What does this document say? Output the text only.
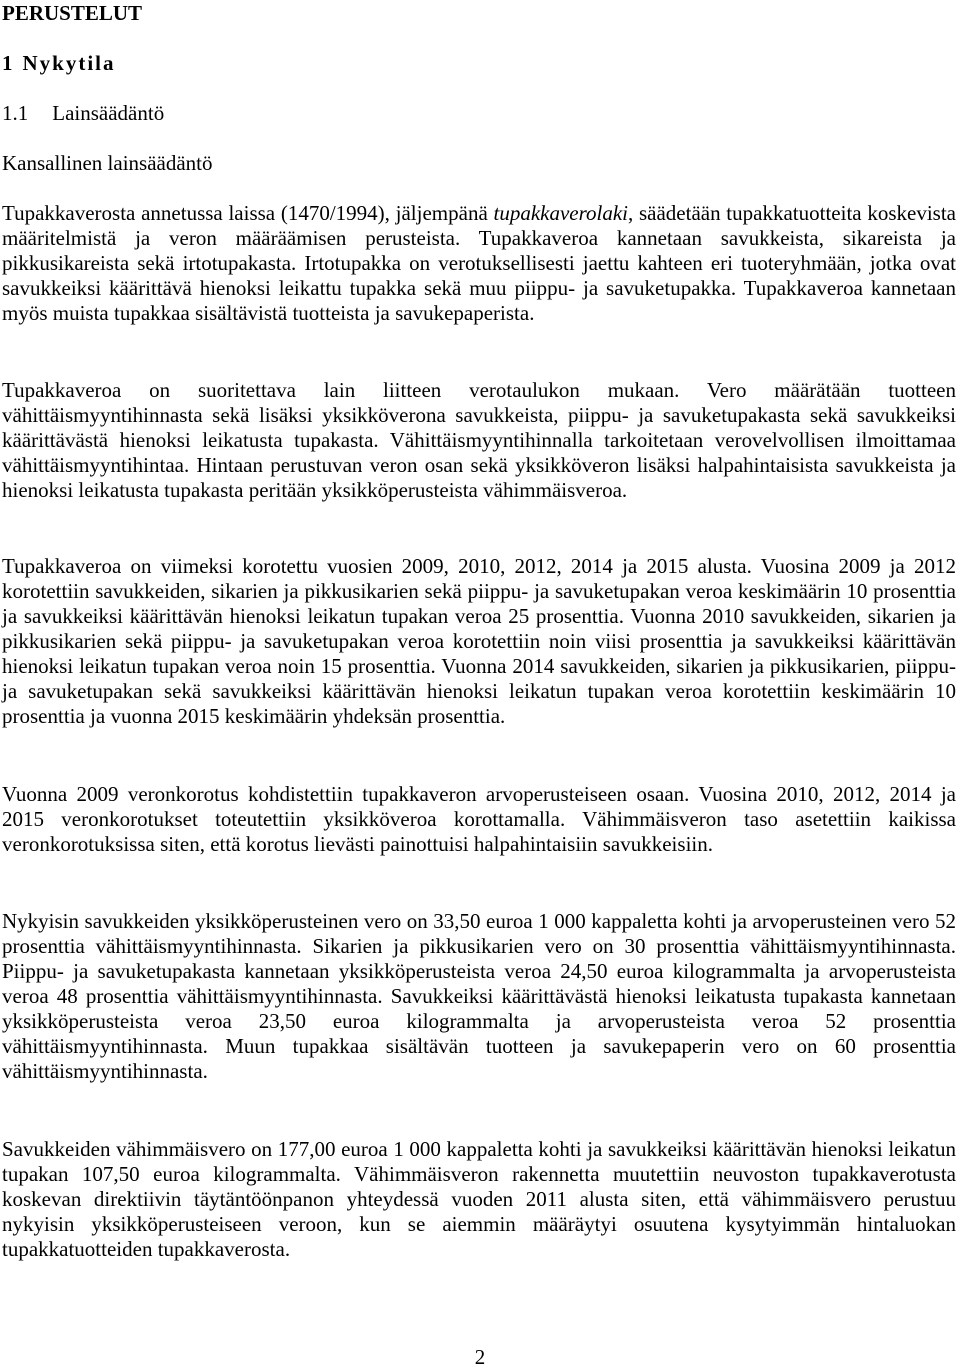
PERUSTELUT
1 Nykytila
1.1 Lainsäädäntö
Kansallinen lainsäädäntö
Tupakkaverosta annetussa laissa (1470/1994), jäljempänä tupakkaverolaki, säädetään tupakkatuotteita koskevista määritelmistä ja veron määräämisen perusteista. Tupakkaveroa kannetaan savukkeista, sikareista ja pikkusikareista sekä irtotupakasta. Irtotupakka on verotuksellisesti jaettu kahteen eri tuoteryhmään, jotka ovat savukkeiksi käärittävä hienoksi leikattu tupakka sekä muu piippu- ja savuketupakka. Tupakkaveroa kannetaan myös muista tupakkaa sisältävistä tuotteista ja savukepaperista.
Tupakkaveroa on suoritettava lain liitteen verotaulukon mukaan. Vero määrätään tuotteen vähittäismyyntihinnasta sekä lisäksi yksikköverona savukkeista, piippu- ja savuketupakasta sekä savukkeiksi käärittävästä hienoksi leikatusta tupakasta. Vähittäismyyntihinnalla tarkoitetaan verovelvollisen ilmoittamaa vähittäismyyntihintaa. Hintaan perustuvan veron osan sekä yksikköveron lisäksi halpahintaisista savukkeista ja hienoksi leikatusta tupakasta peritään yksikköperusteista vähimmäisveroa.
Tupakkaveroa on viimeksi korotettu vuosien 2009, 2010, 2012, 2014 ja 2015 alusta. Vuosina 2009 ja 2012 korotettiin savukkeiden, sikarien ja pikkusikarien sekä piippu- ja savuketupakan veroa keskimäärin 10 prosenttia ja savukkeiksi käärittävän hienoksi leikatun tupakan veroa 25 prosenttia. Vuonna 2010 savukkeiden, sikarien ja pikkusikarien sekä piippu- ja savuketupakan veroa korotettiin noin viisi prosenttia ja savukkeiksi käärittävän hienoksi leikatun tupakan veroa noin 15 prosenttia. Vuonna 2014 savukkeiden, sikarien ja pikkusikarien, piippu- ja savuketupakan sekä savukkeiksi käärittävän hienoksi leikatun tupakan veroa korotettiin keskimäärin 10 prosenttia ja vuonna 2015 keskimäärin yhdeksän prosenttia.
Vuonna 2009 veronkorotus kohdistettiin tupakkaveron arvoperusteiseen osaan. Vuosina 2010, 2012, 2014 ja 2015 veronkorotukset toteutettiin yksikköveroa korottamalla. Vähimmäisveron taso asetettiin kaikissa veronkorotuksissa siten, että korotus lievästi painottuisi halpahintaisiin savukkeisiin.
Nykyisin savukkeiden yksikköperusteinen vero on 33,50 euroa 1 000 kappaletta kohti ja arvoperusteinen vero 52 prosenttia vähittäismyyntihinnasta. Sikarien ja pikkusikarien vero on 30 prosenttia vähittäismyyntihinnasta. Piippu- ja savuketupakasta kannetaan yksikköperusteista veroa 24,50 euroa kilogrammalta ja arvoperusteista veroa 48 prosenttia vähittäismyyntihinnasta. Savukkeiksi käärittävästä hienoksi leikatusta tupakasta kannetaan yksikköperusteista veroa 23,50 euroa kilogrammalta ja arvoperusteista veroa 52 prosenttia vähittäismyyntihinnasta. Muun tupakkaa sisältävän tuotteen ja savukepaperin vero on 60 prosenttia vähittäismyyntihinnasta.
Savukkeiden vähimmäisvero on 177,00 euroa 1 000 kappaletta kohti ja savukkeiksi käärittävän hienoksi leikatun tupakan 107,50 euroa kilogrammalta. Vähimmäisveron rakennetta muutettiin neuvoston tupakkaverotusta koskevan direktiivin täytäntöönpanon yhteydessä vuoden 2011 alusta siten, että vähimmäisvero perustuu nykyisin yksikköperusteiseen veroon, kun se aiemmin määräytyi osuutena kysytyimmän hintaluokan tupakkatuotteiden tupakkaverosta.
2
